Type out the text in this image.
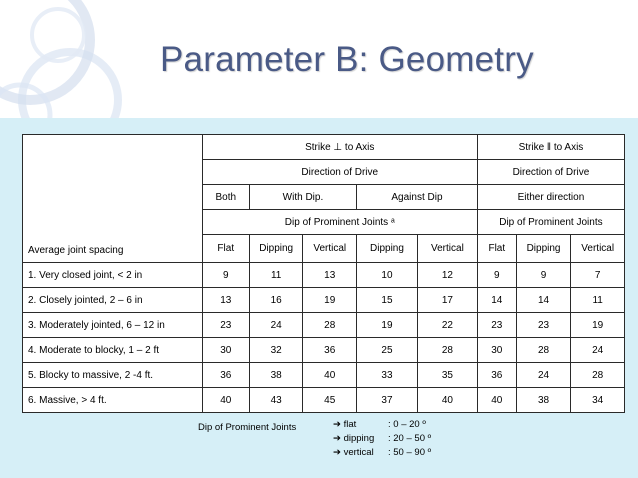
Parameter B: Geometry
Average joint spacing	Strike ⊥ to Axis					Strike ‖ to Axis		
	Direction of Drive					Direction of Drive		
	Both	With Dip.		Against Dip		Either direction		
	Dip of Prominent Joints ᵃ					Dip of Prominent Joints		
	Flat	Dipping	Vertical	Dipping	Vertical	Flat	Dipping	Vertical
1. Very closed joint, < 2 in	9	11	13	10	12	9	9	7
2. Closely jointed, 2 – 6 in	13	16	19	15	17	14	14	11
3. Moderately jointed, 6 – 12 in	23	24	28	19	22	23	23	19
4. Moderate to blocky, 1 – 2 ft	30	32	36	25	28	30	28	24
5. Blocky to massive, 2 -4 ft.	36	38	40	33	35	36	24	28
6. Massive, > 4 ft.	40	43	45	37	40	40	38	34
Dip of Prominent Joints	➔ flat	: 0 – 20 º
➔ dipping : 20 – 50 º
➔ vertical : 50 – 90 º
